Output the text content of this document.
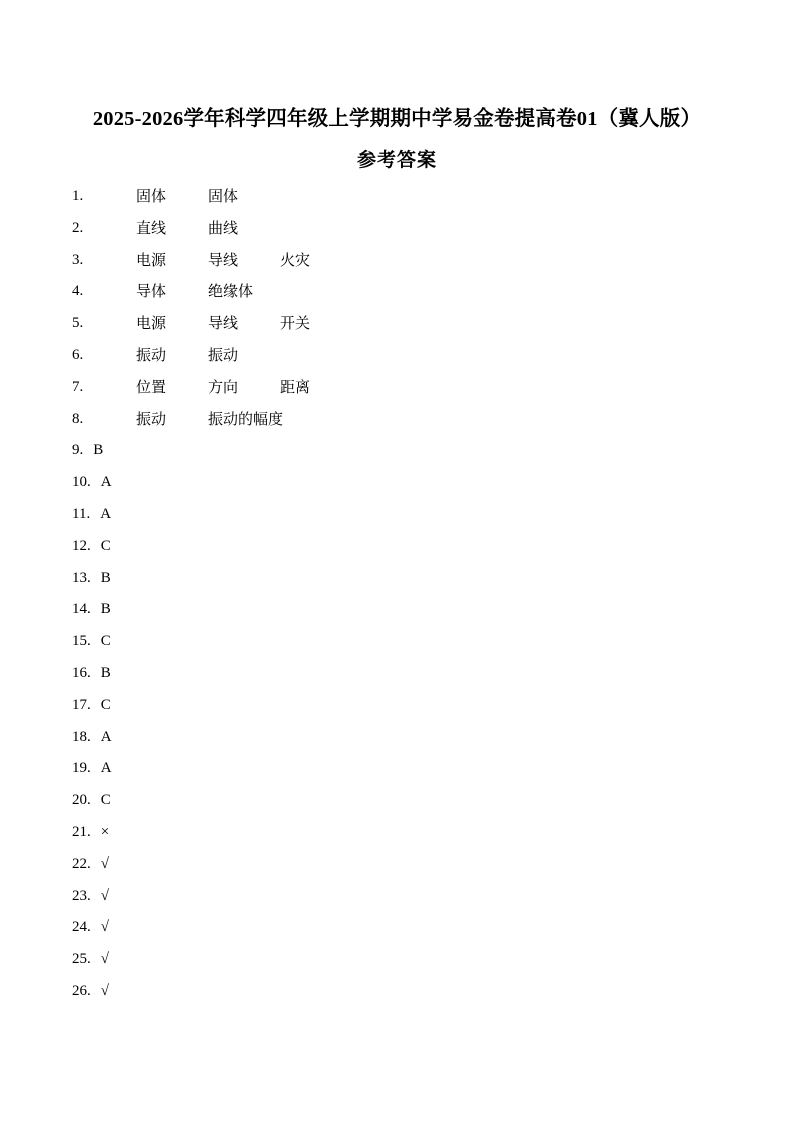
2025-2026学年科学四年级上学期期中学易金卷提高卷01（冀人版）
参考答案
1.	固体	固体
2.	直线	曲线
3.	电源	导线	火灾
4.	导体	绝缘体
5.	电源	导线	开关
6.	振动	振动
7.	位置	方向	距离
8.	振动	振动的幅度
9. B
10. A
11. A
12. C
13. B
14. B
15. C
16. B
17. C
18. A
19. A
20. C
21. ×
22. √
23. √
24. √
25. √
26. √
